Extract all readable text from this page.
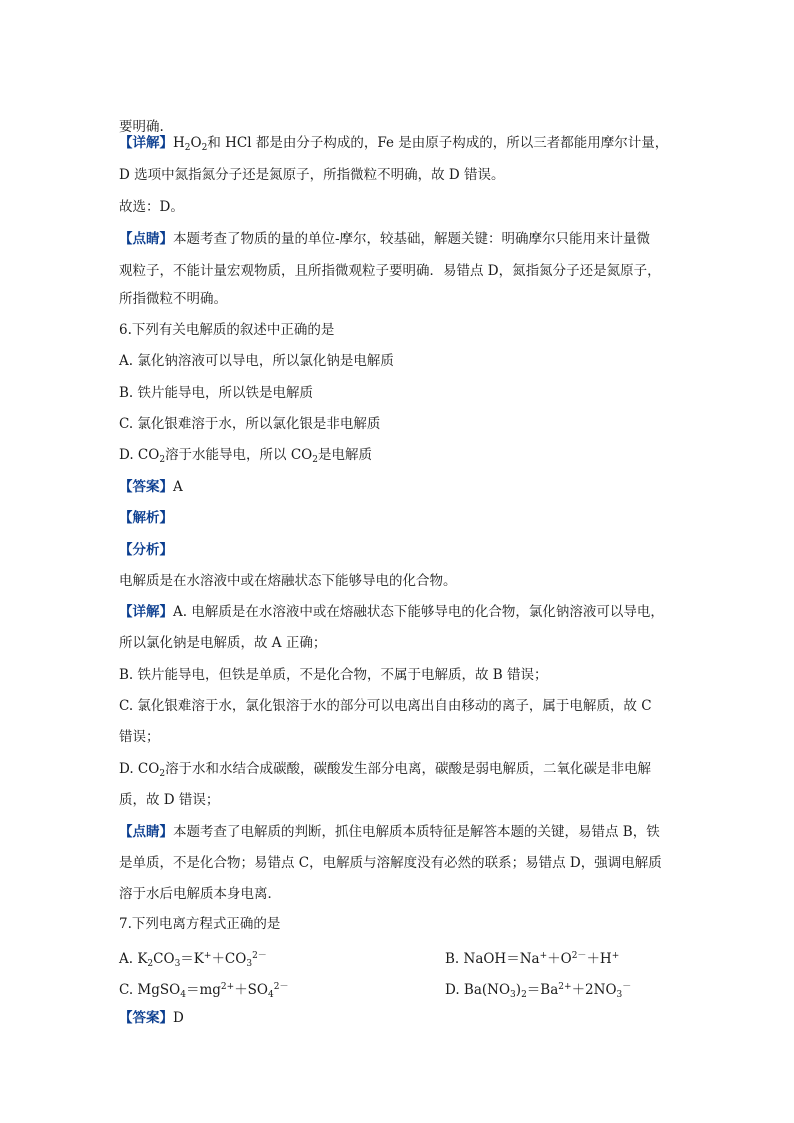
要明确.
【详解】$H_2O_2$和 HCl 都是由分子构成的，Fe 是由原子构成的，所以三者都能用摩尔计量，
D 选项中氮指氮分子还是氮原子，所指微粒不明确，故 D 错误。
故选：D。
【点睛】本题考查了物质的量的单位-摩尔，较基础，解题关键：明确摩尔只能用来计量微
观粒子，不能计量宏观物质，且所指微观粒子要明确．易错点 D，氮指氮分子还是氮原子，
所指微粒不明确。
6.下列有关电解质的叙述中正确的是
A. 氯化钠溶液可以导电，所以氯化钠是电解质
B. 铁片能导电，所以铁是电解质
C. 氯化银难溶于水，所以氯化银是非电解质
D. $CO_2$溶于水能导电，所以 $CO_2$是电解质
【答案】A
【解析】
【分析】
电解质是在水溶液中或在熔融状态下能够导电的化合物。
【详解】A. 电解质是在水溶液中或在熔融状态下能够导电的化合物，氯化钠溶液可以导电，
所以氯化钠是电解质，故 A 正确；
B. 铁片能导电，但铁是单质，不是化合物，不属于电解质，故 B 错误；
C. 氯化银难溶于水，氯化银溶于水的部分可以电离出自由移动的离子，属于电解质，故 C
错误；
D. $CO_2$溶于水和水结合成碳酸，碳酸发生部分电离，碳酸是弱电解质，二氧化碳是非电解
质，故 D 错误；
【点睛】本题考查了电解质的判断，抓住电解质本质特征是解答本题的关键，易错点 B，铁
是单质，不是化合物；易错点 C，电解质与溶解度没有必然的联系；易错点 D，强调电解质
溶于水后电解质本身电离．
7.下列电离方程式正确的是
A. $K_2CO_3=K^++CO_3^{2-}$	B. $NaOH=Na^++O^{2-}+H^+$
C. $MgSO_4=mg^{2+}+SO_4^{2-}$	D. $Ba(NO_3)_2=Ba^{2+}+2NO_3^-$
【答案】D
